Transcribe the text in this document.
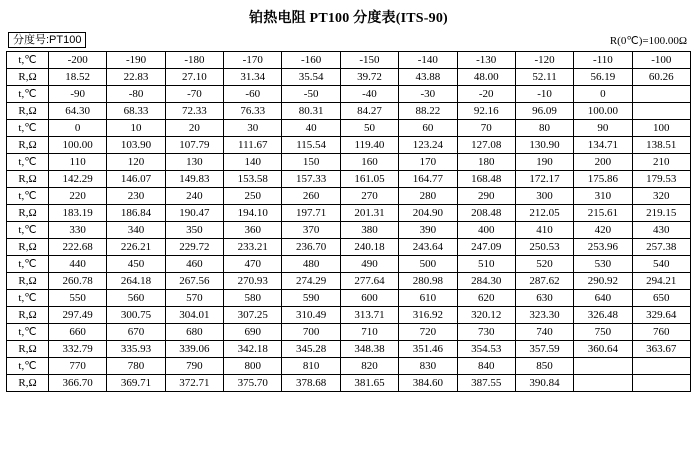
铂热电阻 PT100 分度表(ITS-90)
分度号:PT100	R(0℃)=100.00Ω
t,℃	-200	-190	-180	-170	-160	-150	-140	-130	-120	-110	-100
R,Ω	18.52	22.83	27.10	31.34	35.54	39.72	43.88	48.00	52.11	56.19	60.26
t,℃	-90	-80	-70	-60	-50	-40	-30	-20	-10	0	
R,Ω	64.30	68.33	72.33	76.33	80.31	84.27	88.22	92.16	96.09	100.00	
t,℃	0	10	20	30	40	50	60	70	80	90	100
R,Ω	100.00	103.90	107.79	111.67	115.54	119.40	123.24	127.08	130.90	134.71	138.51
t,℃	110	120	130	140	150	160	170	180	190	200	210
R,Ω	142.29	146.07	149.83	153.58	157.33	161.05	164.77	168.48	172.17	175.86	179.53
t,℃	220	230	240	250	260	270	280	290	300	310	320
R,Ω	183.19	186.84	190.47	194.10	197.71	201.31	204.90	208.48	212.05	215.61	219.15
t,℃	330	340	350	360	370	380	390	400	410	420	430
R,Ω	222.68	226.21	229.72	233.21	236.70	240.18	243.64	247.09	250.53	253.96	257.38
t,℃	440	450	460	470	480	490	500	510	520	530	540
R,Ω	260.78	264.18	267.56	270.93	274.29	277.64	280.98	284.30	287.62	290.92	294.21
t,℃	550	560	570	580	590	600	610	620	630	640	650
R,Ω	297.49	300.75	304.01	307.25	310.49	313.71	316.92	320.12	323.30	326.48	329.64
t,℃	660	670	680	690	700	710	720	730	740	750	760
R,Ω	332.79	335.93	339.06	342.18	345.28	348.38	351.46	354.53	357.59	360.64	363.67
t,℃	770	780	790	800	810	820	830	840	850		
R,Ω	366.70	369.71	372.71	375.70	378.68	381.65	384.60	387.55	390.84		
